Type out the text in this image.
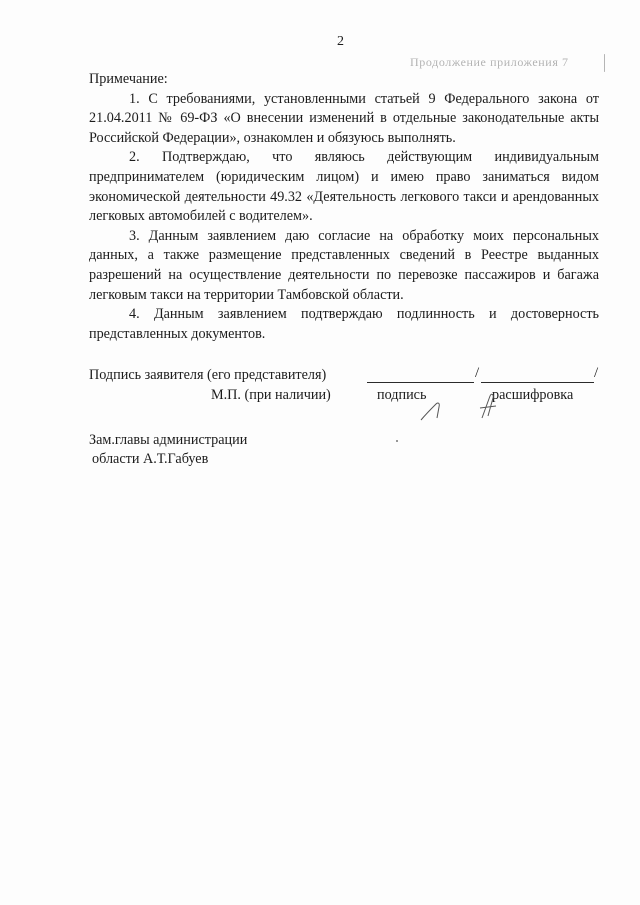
2
Продолжение приложения 7

Примечание:

1. С требованиями, установленными статьей 9 Федерального закона от 21.04.2011 № 69-ФЗ «О внесении изменений в отдельные законодательные акты Российской Федерации», ознакомлен и обязуюсь выполнять.

2. Подтверждаю, что являюсь действующим индивидуальным предпринимателем (юридическим лицом) и имею право заниматься видом экономической деятельности 49.32 «Деятельность легкового такси и арендованных легковых автомобилей с водителем».

3. Данным заявлением даю согласие на обработку моих персональных данных, а также размещение представленных сведений в Реестре выданных разрешений на осуществление деятельности по перевозке пассажиров и багажа легковым такси на территории Тамбовской области.

4. Данным заявлением подтверждаю подлинность и достоверность представленных документов.

Подпись заявителя (его представителя)
М.П. (при наличии)
/	/
подпись	расшифровка
Зам.главы администрации
области А.Т.Габуев
